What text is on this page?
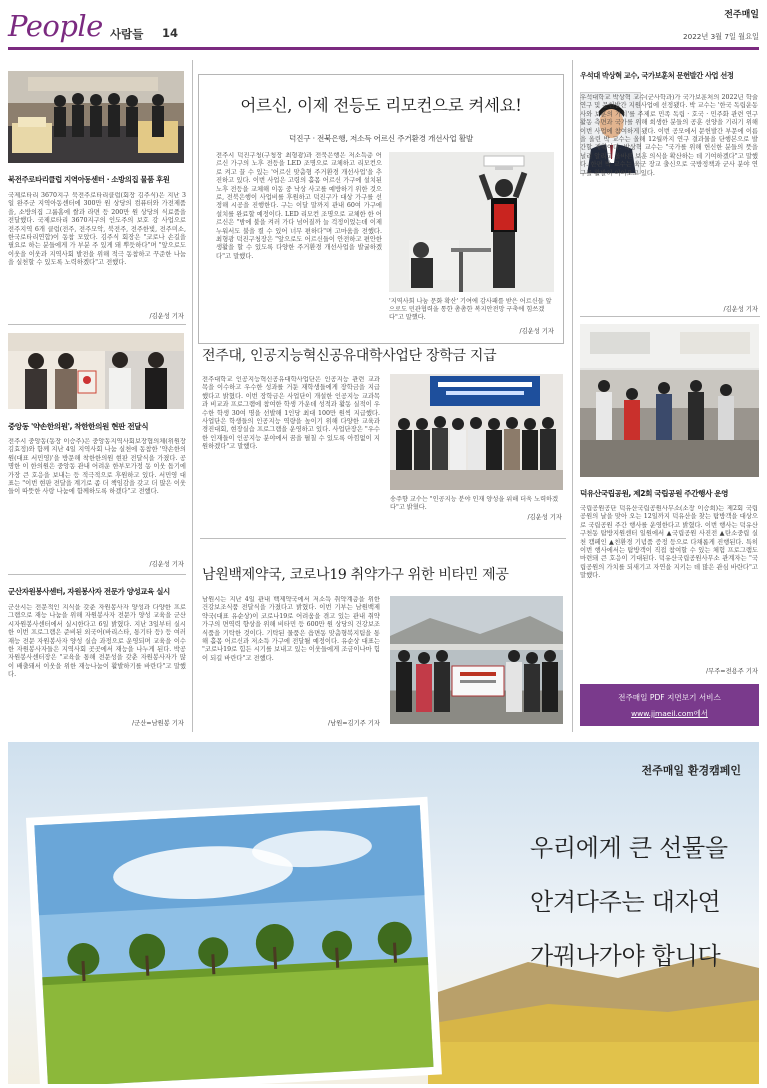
People 사람들 14
전주매일
2022년 3월 7일 월요일
북전주로타리클럽 지역아동센터 · 소방의집 물품 후원
국제로타리 3670지구 북전주로타리클럽(회장 김주식)은 지난 3일 완주군 지역아동센터에 300만 원 상당의 컴퓨터와 가전제품을, 소방의집 그룹홈에 쌀과 라면 등 200만 원 상당의 식료품을 전달했다. 국제로타리 3670지구의 인도주의 보호 강 사업으로 전주지역 6개 클럽(전주, 전주모악, 북전주, 전주한빛, 전주미소, 한국로타리연합)이 동참 모았다. 김주식 회장은 "코로나 손길을 필요로 하는 분들에게 가 부분 주 있게 돼 뿌듯하다"며 "앞으로도 이웃을 이웃과 지역사회 발전을 위해 적극 동참하고 꾸준한 나눔을 실천할 수 있도록 노력하겠다"고 전했다.
/김운성 기자
중앙동 '약손한의원', 착한한의원 현판 전달식
전주시 중앙동(동장 이승주)은 중앙동지역사회보장협의체(위원장 김효정)와 함께 지난 4일 지역사회 나눔 실천에 동참한 '약손한의원(대표 서민영)'을 방문해 착한한의원 현판 전달식을 가졌다. 공명한 이 한의원은 중앙동 관내 어려운 한부모가정 동 이웃 돕기에 가장 큰 호응을 보내는 등 적극적으로 후원하고 있다. 서민영 대표는 "이번 현판 전달을 계기로 좀 더 책임감을 갖고 더 많은 이웃들이 따뜻한 사랑 나눔에 함께하도록 하겠다"고 전했다.
/김운성 기자
군산자원봉사센터, 자원봉사자 전문가 양성교육 실시
군산시는 전문적인 지식을 갖춘 자원봉사자 양성과 다양한 프로그램으로 재능 나눔을 위해 자원봉사자 전문가 양성 교육을 군산시자원봉사센터에서 실시한다고 6일 밝혔다. 지난 3일부터 실시한 이번 프로그램은 준비된 외국어(바리스타, 통기타 등) 등 여러 재능 전문 자원봉사자 양성 실습 과정으로 운영되며 교육을 이수한 자원봉사자들은 지역사회 곳곳에서 재능을 나누게 된다. 박공 자원봉사센터장은 "교육을 통해 전문성을 갖춘 자원봉사자가 많이 배출돼서 이웃을 위한 재능나눔이 활발하기를 바란다"고 말했다.
/군산=남원봉 기자
어르신, 이제 전등도 리모컨으로 켜세요!
덕진구 · 전북은행, 저소득 어르신 주거환경 개선사업 활발
전주시 덕진구청(구청장 최형광)과 전북은행은 저소득층 어르신 가구의 노후 전등을 LED 조명으로 교체하고 리모컨으로 켜고 끌 수 있는 '어르신 맞춤형 주거환경 개선사업'을 추진하고 있다. 이번 사업은 고령의 홀몸 어르신 가구에 설치된 노후 전등을 교체해 이동 중 낙상 사고를 예방하기 위한 것으로, 전북은행이 사업비를 후원하고 덕진구가 대상 가구를 선정해 시공을 진행한다. 구는 이달 말까지 관내 60여 가구에 설치를 완료할 예정이다. LED 리모컨 조명으로 교체한 한 어르신은 "밤에 불을 켜러 가다 넘어질까 늘 걱정이었는데 이제 누워서도 불을 켤 수 있어 너무 편하다"며 고마움을 전했다. 최형광 덕진구청장은 "앞으로도 어르신들이 안전하고 편안한 생활을 할 수 있도록 다양한 주거환경 개선사업을 발굴하겠다"고 말했다.
'지역사회 나눔 문화 확산' 기여에 감사패를 받은 어르신들 앞으로도 민관협력을 통한 촘촘한 복지안전망 구축에 힘쓰겠다"고 말했다.
/김운성 기자
전주대, 인공지능혁신공유대학사업단 장학금 지급
전주대학교 인공지능혁신공유대학사업단은 인공지능 관련 교과목을 이수하고 우수한 성과를 거둔 재학생들에게 장학금을 지급했다고 밝혔다. 이번 장학금은 사업단이 개설한 인공지능 교과목과 비교과 프로그램에 참여한 학생 가운데 성적과 활동 실적이 우수한 학생 30여 명을 선발해 1인당 최대 100만 원씩 지급했다. 사업단은 학생들의 인공지능 역량을 높이기 위해 다양한 교육과 경진대회, 현장실습 프로그램을 운영하고 있다. 사업단장은 "우수한 인재들이 인공지능 분야에서 꿈을 펼칠 수 있도록 아낌없이 지원하겠다"고 말했다.
송주향 교수는 "인공지능 분야 인재 양성을 위해 더욱 노력하겠다"고 밝혔다.
/김운성 기자
남원백제약국, 코로나19 취약가구 위한 비타민 제공
남원시는 지난 4일 관내 백제약국에서 저소득 취약계층을 위한 건강보조식품 전달식을 가졌다고 밝혔다. 이번 기부는 남원백제약국(대표 유순상)이 코로나19로 어려움을 겪고 있는 관내 취약가구의 면역력 향상을 위해 비타민 등 600만 원 상당의 건강보조식품을 기탁한 것이다. 기탁된 물품은 읍면동 맞춤형복지팀을 통해 홀몸 어르신과 저소득 가구에 전달될 예정이다. 유순상 대표는 "코로나19로 힘든 시기를 보내고 있는 이웃들에게 조금이나마 힘이 되길 바란다"고 전했다.
/남원=김기주 기자
우석대 박상혁 교수, 국가보훈처 문헌발간 사업 선정
우석대학교 박상혁 교수(군사학과)가 국가보훈처의 2022년 학술연구 및 문헌발간 지원사업에 선정됐다. 박 교수는 '한국 독립운동사와 보훈의 가치'를 주제로 민족 독립 · 호국 · 민주화 관련 연구 활동 측면과 국가를 위해 희생한 분들의 공훈 선양을 기리기 위해 이번 사업에 참여하게 됐다. 이번 공모에서 문헌발간 부문에 이름을 올린 박 교수는 올해 12월까지 연구 결과물을 단행본으로 발간할 계획이다. 박상혁 교수는 "국가를 위해 헌신한 분들의 뜻을 널리 알리고 올바른 보훈 의식을 확산하는 데 기여하겠다"고 말했다. 한편 박 교수는 육군 장교 출신으로 국방정책과 군사 분야 연구를 활발히 이어오고 있다.
/김운성 기자
덕유산국립공원, 제2회 국립공원 주간행사 운영
국립공원공단 덕유산국립공원사무소(소장 이승희)는 제2회 국립공원의 날을 맞아 오는 12일까지 덕유산을 찾는 탐방객을 대상으로 국립공원 주간 행사를 운영한다고 밝혔다. 이번 행사는 덕유산 구천동 탐방지원센터 일원에서 ▲국립공원 사진전 ▲탄소중립 실천 캠페인 ▲친환경 기념품 증정 등으로 다채롭게 진행된다. 특히 이번 행사에서는 탐방객이 직접 참여할 수 있는 체험 프로그램도 마련돼 큰 호응이 기대된다. 덕유산국립공원사무소 관계자는 "국립공원의 가치를 되새기고 자연을 지키는 데 많은 관심 바란다"고 말했다.
/무주=전용주 기자
전주매일 PDF 지면보기 서비스
www.jjmaeil.com에서
전주매일 환경캠페인
우리에게 큰 선물을
안겨다주는 대자연
가꿔나가야 합니다
